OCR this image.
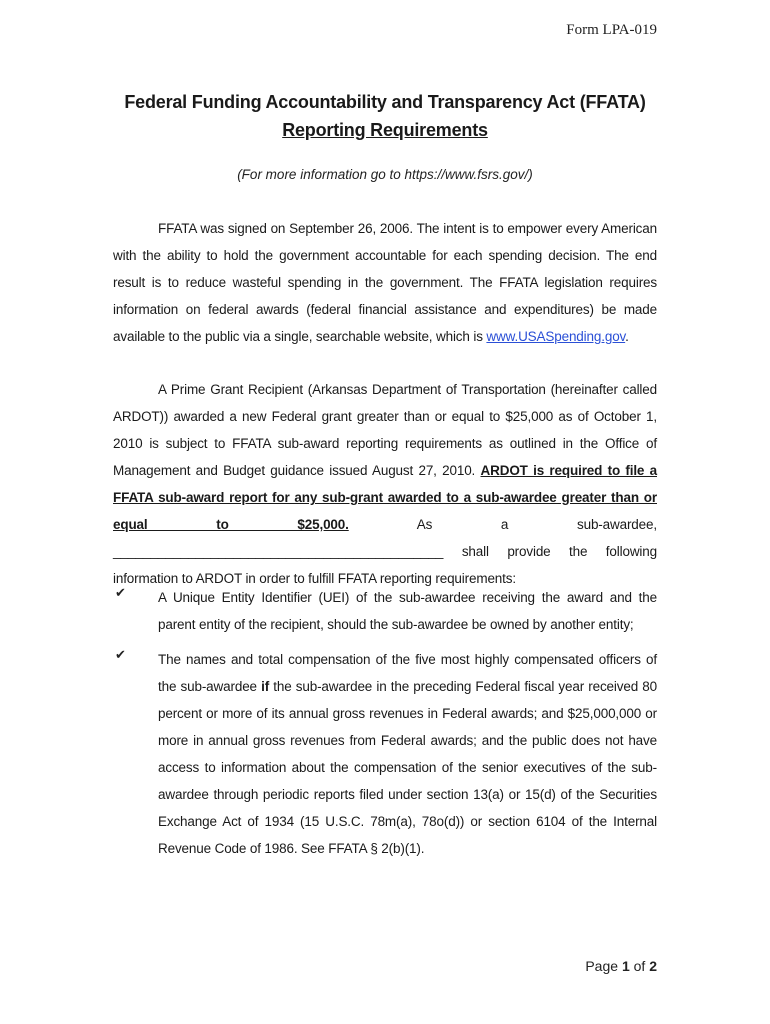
Form LPA-019
Federal Funding Accountability and Transparency Act (FFATA)
Reporting Requirements
(For more information go to https://www.fsrs.gov/)
FFATA was signed on September 26, 2006. The intent is to empower every American with the ability to hold the government accountable for each spending decision. The end result is to reduce wasteful spending in the government. The FFATA legislation requires information on federal awards (federal financial assistance and expenditures) be made available to the public via a single, searchable website, which is www.USASpending.gov.
A Prime Grant Recipient (Arkansas Department of Transportation (hereinafter called ARDOT)) awarded a new Federal grant greater than or equal to $25,000 as of October 1, 2010 is subject to FFATA sub-award reporting requirements as outlined in the Office of Management and Budget guidance issued August 27, 2010. ARDOT is required to file a FFATA sub-award report for any sub-grant awarded to a sub-awardee greater than or equal to $25,000. As a sub-awardee, ____________________________________________ shall provide the following information to ARDOT in order to fulfill FFATA reporting requirements:
✔ A Unique Entity Identifier (UEI) of the sub-awardee receiving the award and the parent entity of the recipient, should the sub-awardee be owned by another entity;
✔ The names and total compensation of the five most highly compensated officers of the sub-awardee if the sub-awardee in the preceding Federal fiscal year received 80 percent or more of its annual gross revenues in Federal awards; and $25,000,000 or more in annual gross revenues from Federal awards; and the public does not have access to information about the compensation of the senior executives of the sub-awardee through periodic reports filed under section 13(a) or 15(d) of the Securities Exchange Act of 1934 (15 U.S.C. 78m(a), 78o(d)) or section 6104 of the Internal Revenue Code of 1986. See FFATA § 2(b)(1).
Page 1 of 2
